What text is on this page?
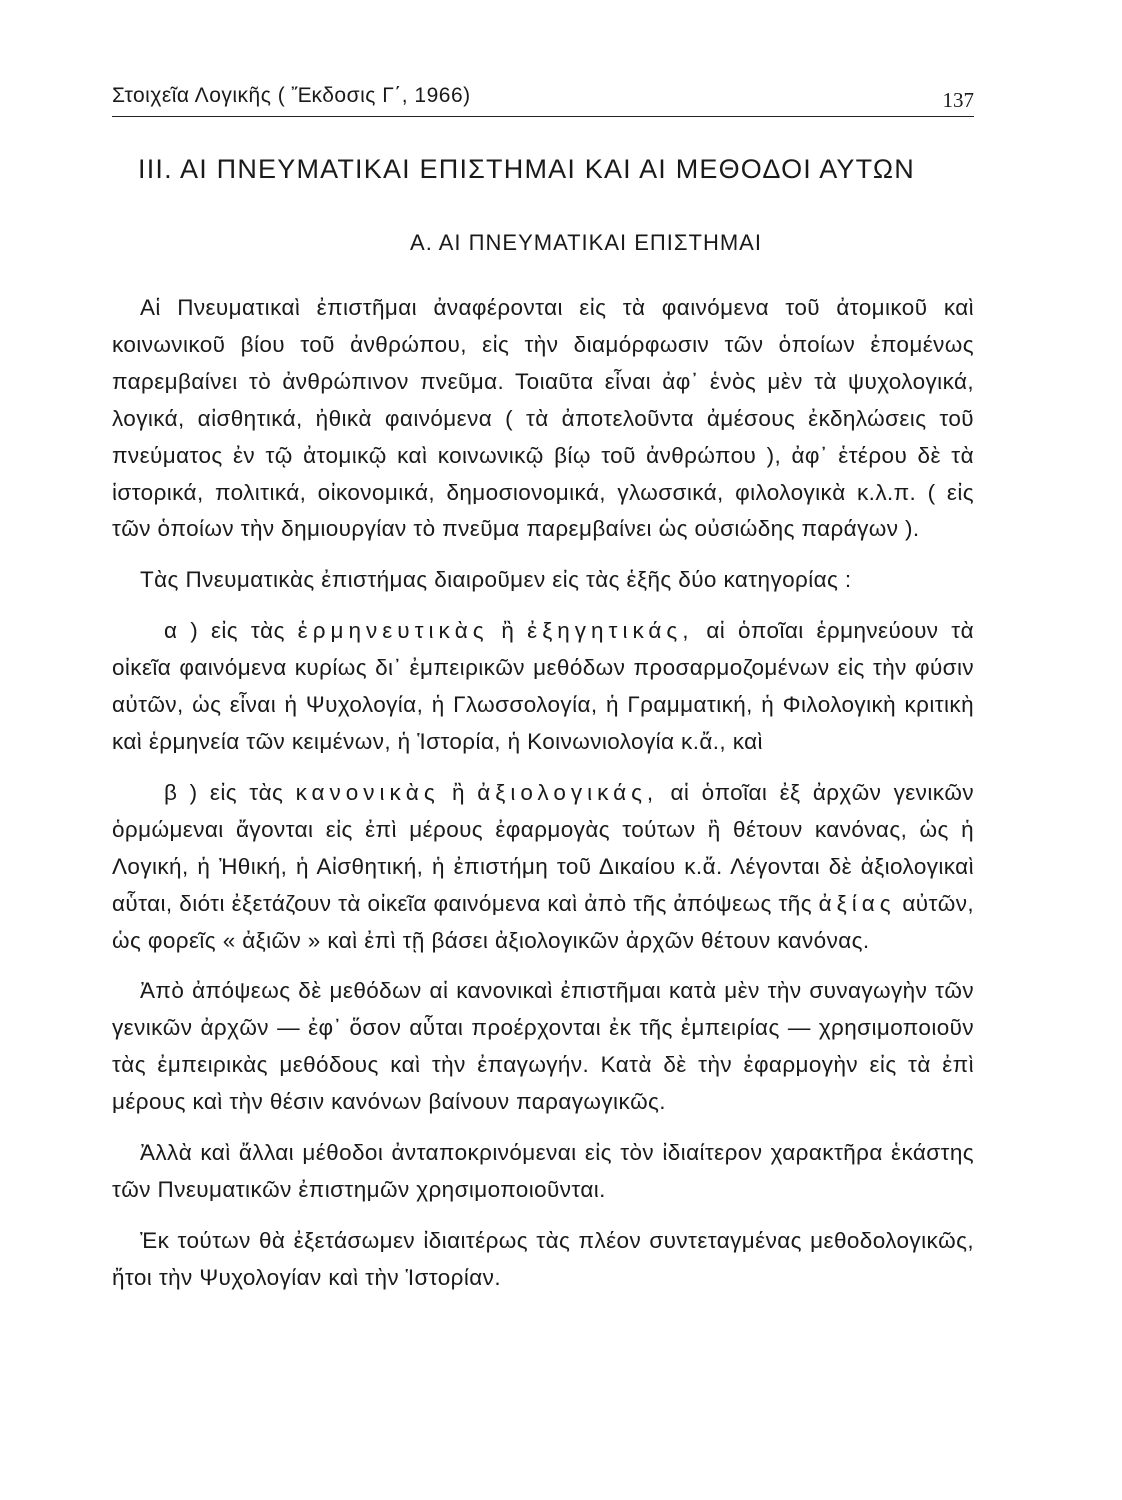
Στοιχεῖα Λογικῆς ( Ἔκδοσις Γ΄, 1966)	137
ΙΙΙ. ΑΙ ΠΝΕΥΜΑΤΙΚΑΙ ΕΠΙΣΤΗΜΑΙ ΚΑΙ ΑΙ ΜΕΘΟΔΟΙ ΑΥΤΩΝ
Α. ΑΙ ΠΝΕΥΜΑΤΙΚΑΙ ΕΠΙΣΤΗΜΑΙ

Αἱ Πνευματικαὶ ἐπιστῆμαι ἀναφέρονται εἰς τὰ φαινόμενα τοῦ ἀτομικοῦ καὶ κοινωνικοῦ βίου τοῦ ἀνθρώπου, εἰς τὴν διαμόρφωσιν τῶν ὁποίων ἐπομένως παρεμβαίνει τὸ ἀνθρώπινον πνεῦμα. Τοιαῦτα εἶναι ἀφ᾽ ἑνὸς μὲν τὰ ψυχολογικά, λογικά, αἰσθητικά, ἠθικὰ φαινόμενα ( τὰ ἀποτελοῦντα ἀμέσους ἐκδηλώσεις τοῦ πνεύματος ἐν τῷ ἀτομικῷ καὶ κοινωνικῷ βίῳ τοῦ ἀνθρώπου ), ἀφ᾽ ἑτέρου δὲ τὰ ἱστορικά, πολιτικά, οἰκονομικά, δημοσιονομικά, γλωσσικά, φιλολογικὰ κ.λ.π. ( εἰς τῶν ὁποίων τὴν δημιουργίαν τὸ πνεῦμα παρεμβαίνει ὡς οὐσιώδης παράγων ).

Τὰς Πνευματικὰς ἐπιστήμας διαιροῦμεν εἰς τὰς ἑξῆς δύο κατηγορίας :

α ) εἰς τὰς ἑρμηνευτικὰς ἢ ἐξηγητικάς, αἱ ὁποῖαι ἑρμηνεύουν τὰ οἰκεῖα φαινόμενα κυρίως δι᾽ ἐμπειρικῶν μεθόδων προσαρμοζομένων εἰς τὴν φύσιν αὐτῶν, ὡς εἶναι ἡ Ψυχολογία, ἡ Γλωσσολογία, ἡ Γραμματική, ἡ Φιλολογικὴ κριτικὴ καὶ ἑρμηνεία τῶν κειμένων, ἡ Ἱστορία, ἡ Κοινωνιολογία κ.ἄ., καὶ

β ) εἰς τὰς κανονικὰς ἢ ἀξιολογικάς, αἱ ὁποῖαι ἐξ ἀρχῶν γενικῶν ὁρμώμεναι ἄγονται εἰς ἐπὶ μέρους ἐφαρμογὰς τούτων ἢ θέτουν κανόνας, ὡς ἡ Λογική, ἡ Ἠθική, ἡ Αἰσθητική, ἡ ἐπιστήμη τοῦ Δικαίου κ.ἄ. Λέγονται δὲ ἀξιολογικαὶ αὗται, διότι ἐξετάζουν τὰ οἰκεῖα φαινόμενα καὶ ἀπὸ τῆς ἀπόψεως τῆς ἀξίας αὐτῶν, ὡς φορεῖς « ἀξιῶν » καὶ ἐπὶ τῇ βάσει ἀξιολογικῶν ἀρχῶν θέτουν κανόνας.

Ἀπὸ ἀπόψεως δὲ μεθόδων αἱ κανονικαὶ ἐπιστῆμαι κατὰ μὲν τὴν συναγωγὴν τῶν γενικῶν ἀρχῶν — ἐφ᾽ ὅσον αὗται προέρχονται ἐκ τῆς ἐμπειρίας — χρησιμοποιοῦν τὰς ἐμπειρικὰς μεθόδους καὶ τὴν ἐπαγωγήν. Κατὰ δὲ τὴν ἐφαρμογὴν εἰς τὰ ἐπὶ μέρους καὶ τὴν θέσιν κανόνων βαίνουν παραγωγικῶς.

Ἀλλὰ καὶ ἄλλαι μέθοδοι ἀνταποκρινόμεναι εἰς τὸν ἰδιαίτερον χαρακτῆρα ἑκάστης τῶν Πνευματικῶν ἐπιστημῶν χρησιμοποιοῦνται.

Ἐκ τούτων θὰ ἐξετάσωμεν ἰδιαιτέρως τὰς πλέον συντεταγμένας μεθοδολογικῶς, ἤτοι τὴν Ψυχολογίαν καὶ τὴν Ἱστορίαν.
